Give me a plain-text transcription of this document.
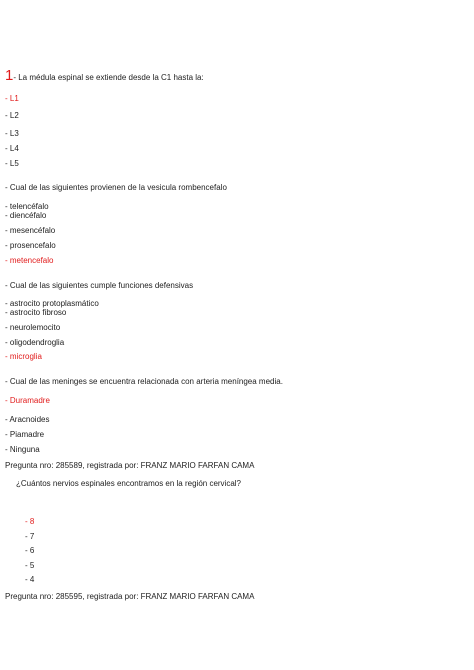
1- La médula espinal se extiende desde la C1 hasta la:
- L1
- L2
- L3
- L4
- L5
- Cual de las siguientes provienen de la vesicula rombencefalo
- telencéfalo
- diencéfalo
- mesencéfalo
- prosencefalo
- metencefalo
- Cual de las siguientes cumple funciones defensivas
- astrocito protoplasmático
- astrocito fibroso
- neurolemocito
- oligodendroglia
- microglia
- Cual de las meninges se encuentra relacionada con arteria meníngea media.
- Duramadre
- Aracnoides
- Piamadre
- Ninguna
Pregunta nro: 285589, registrada por: FRANZ MARIO FARFAN CAMA
¿Cuántos nervios espinales encontramos en la región cervical?
- 8
- 7
- 6
- 5
- 4
Pregunta nro: 285595, registrada por: FRANZ MARIO FARFAN CAMA
